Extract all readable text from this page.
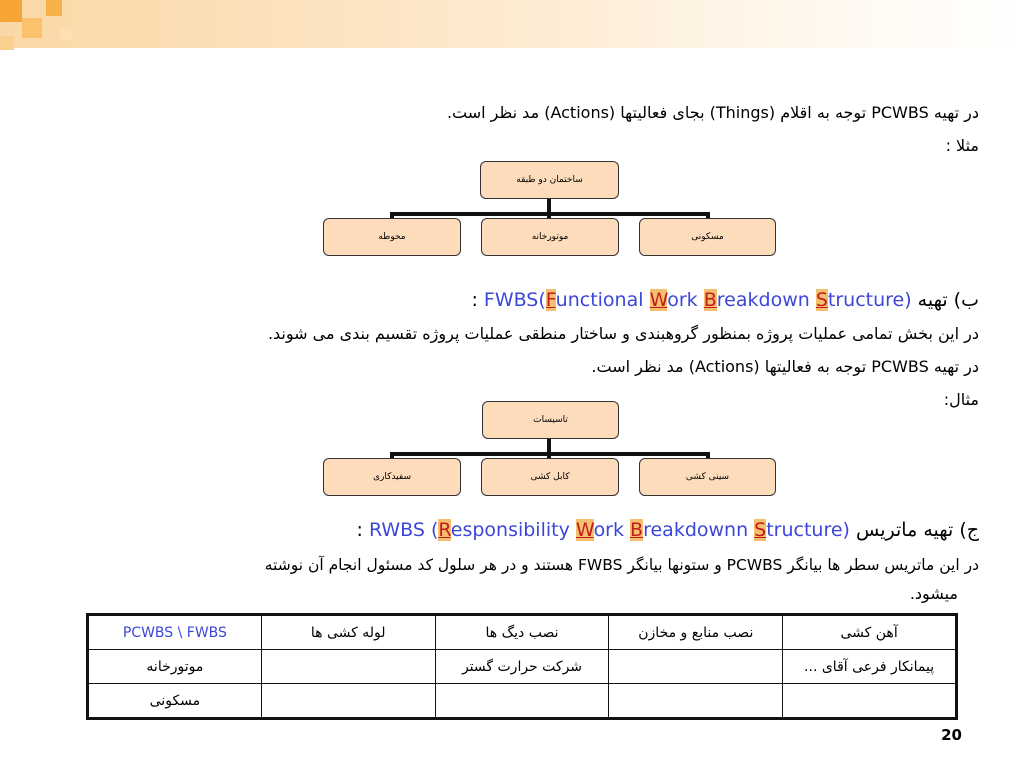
در تهیه PCWBS توجه به اقلام (Things) بجای فعالیتها (Actions) مد نظر است.
مثلا :
ساختمان دو طبقه
مسکونی
موتورخانه
محوطه
ب) تهیه FWBS(Functional Work Breakdown Structure) :
در این بخش تمامی عملیات پروژه بمنظور گروهبندی و ساختار منطقی عملیات پروژه تقسیم بندی می شوند.
در تهیه PCWBS توجه به فعالیتها (Actions) مد نظر است.
مثال:
تاسیسات
سینی کشی
کابل کشی
سفیدکاری
ج) تهیه ماتریس RWBS (Responsibility Work Breakdownn Structure) :
در این ماتریس سطر ها بیانگر PCWBS و ستونها بیانگر FWBS هستند و در هر سلول کد مسئول انجام آن نوشته
میشود.
آهن کشی	نصب منابع و مخازن	نصب دیگ ها	لوله کشی ها	PCWBS \ FWBS
پیمانکار فرعی آقای ...		شرکت حرارت گستر		موتورخانه
				مسکونی
20
